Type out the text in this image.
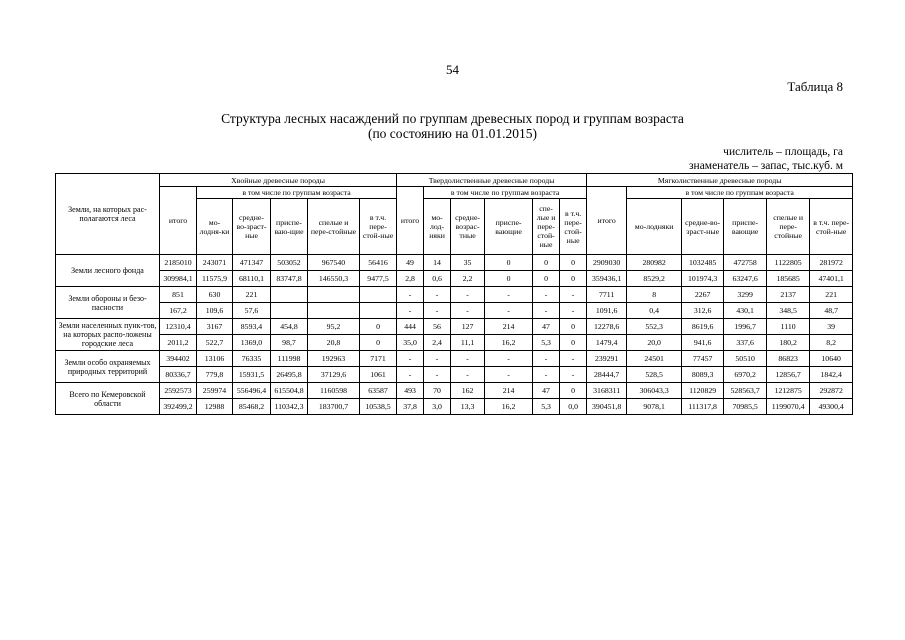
54
Таблица 8
Структура лесных насаждений по группам древесных пород и группам возраста
(по состоянию на 01.01.2015)
числитель – площадь, га
знаменатель – запас, тыс.куб. м
Земли, на которых рас-полагаются леса	Хвойные древесные породы						Твердолиственные древесные породы						Мягколиственные древесные породы					
	итого	в том числе по группам возраста					итого	в том числе по группам возраста					итого	в том числе по группам возраста				
		мо-лодня-ки	средне-во-зраст-ные	приспе-ваю-щие	спелые и пере-стойные	в т.ч. пере-стой-ные		мо-лод-няки	средне-возрас-тные	приспе-вающие	спе-лые и пере-стой-ные	в т.ч. пере-стой-ные		мо-лодняки	средне-во-зраст-ные	приспе-вающие	спелые и пере-стойные	в т.ч. пере-стой-ные
Земли лесного фонда	2185010	243071	471347	503052	967540	56416	49	14	35	0	0	0	2909030	280982	1032485	472758	1122805	281972
	309984,1	11575,9	68110,1	83747,8	146550,3	9477,5	2,8	0,6	2,2	0	0	0	359436,1	8529,2	101974,3	63247,6	185685	47401,1
Земли обороны и безо-пасности	851	630	221				-	-	-	-	-	-	7711	8	2267	3299	2137	221
	167,2	109,6	57,6				-	-	-	-	-	-	1091,6	0,4	312,6	430,1	348,5	48,7
Земли населенных пунк-тов, на которых распо-ложены городские леса	12310,4	3167	8593,4	454,8	95,2	0	444	56	127	214	47	0	12278,6	552,3	8619,6	1996,7	1110	39
	2011,2	522,7	1369,0	98,7	20,8	0	35,0	2,4	11,1	16,2	5,3	0	1479,4	20,0	941,6	337,6	180,2	8,2
Земли особо охраняемых природных территорий	394402	13106	76335	111998	192963	7171	-	-	-	-	-	-	239291	24501	77457	50510	86823	10640
	80336,7	779,8	15931,5	26495,8	37129,6	1061	-	-	-	-	-	-	28444,7	528,5	8089,3	6970,2	12856,7	1842,4
Всего по Кемеровской области	2592573	259974	556496,4	615504,8	1160598	63587	493	70	162	214	47	0	3168311	306043,3	1120829	528563,7	1212875	292872
	392499,2	12988	85468,2	110342,3	183700,7	10538,5	37,8	3,0	13,3	16,2	5,3	0,0	390451,8	9078,1	111317,8	70985,5	1199070,4	49300,4
